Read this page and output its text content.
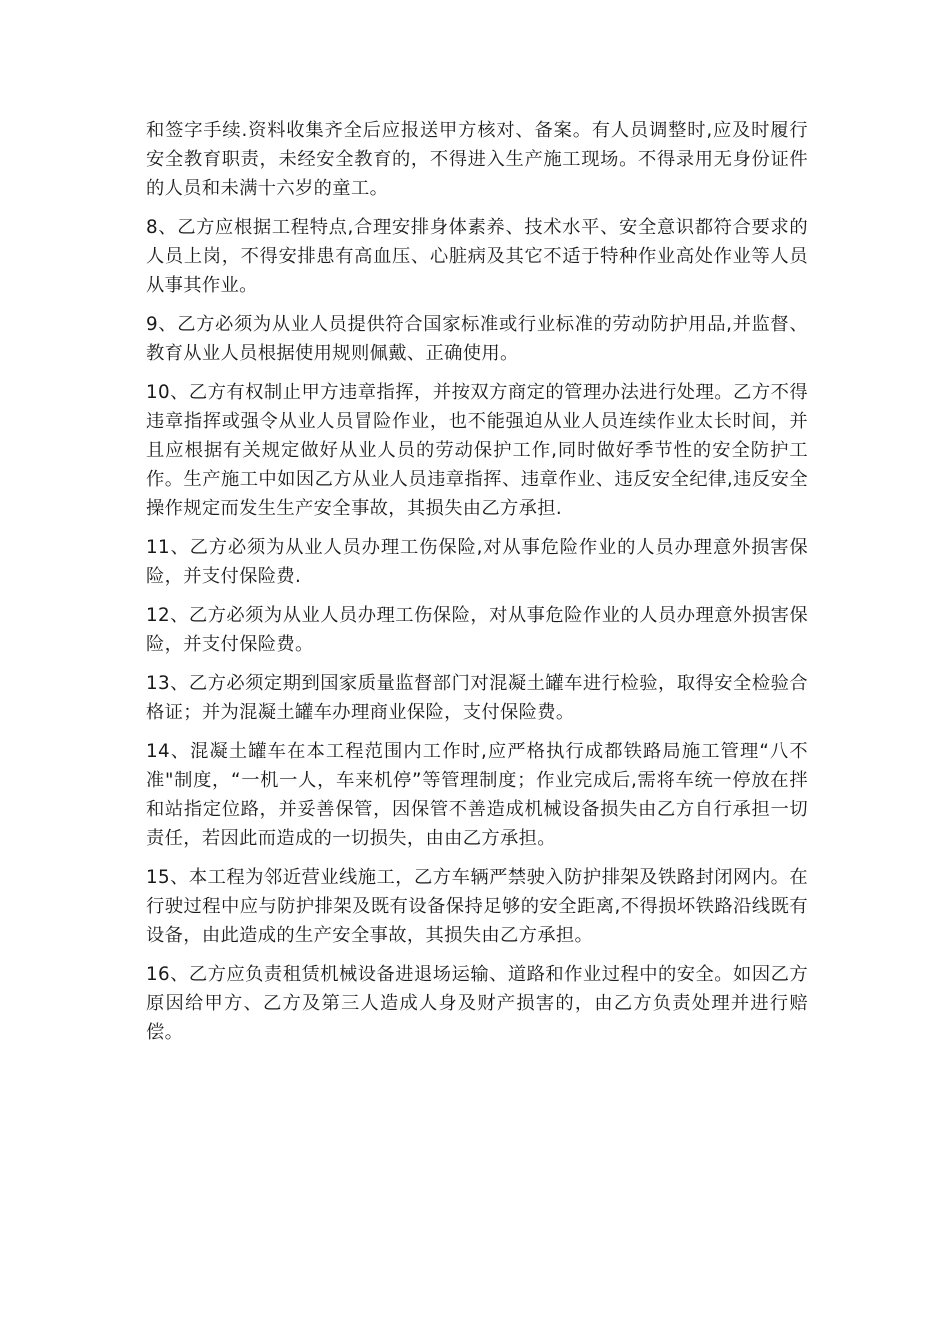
和签字手续.资料收集齐全后应报送甲方核对、备案。有人员调整时,应及时履行安全教育职责，未经安全教育的，不得进入生产施工现场。不得录用无身份证件的人员和未满十六岁的童工。

8、乙方应根据工程特点,合理安排身体素养、技术水平、安全意识都符合要求的人员上岗，不得安排患有高血压、心脏病及其它不适于特种作业高处作业等人员从事其作业。

9、乙方必须为从业人员提供符合国家标准或行业标准的劳动防护用品,并监督、教育从业人员根据使用规则佩戴、正确使用。

10、乙方有权制止甲方违章指挥，并按双方商定的管理办法进行处理。乙方不得违章指挥或强令从业人员冒险作业，也不能强迫从业人员连续作业太长时间，并且应根据有关规定做好从业人员的劳动保护工作,同时做好季节性的安全防护工作。生产施工中如因乙方从业人员违章指挥、违章作业、违反安全纪律,违反安全操作规定而发生生产安全事故，其损失由乙方承担.

11、乙方必须为从业人员办理工伤保险,对从事危险作业的人员办理意外损害保险，并支付保险费.

12、乙方必须为从业人员办理工伤保险，对从事危险作业的人员办理意外损害保险，并支付保险费。

13、乙方必须定期到国家质量监督部门对混凝土罐车进行检验，取得安全检验合格证；并为混凝土罐车办理商业保险，支付保险费。

14、混凝土罐车在本工程范围内工作时,应严格执行成都铁路局施工管理“八不准"制度，“一机一人，车来机停”等管理制度；作业完成后,需将车统一停放在拌和站指定位路，并妥善保管，因保管不善造成机械设备损失由乙方自行承担一切责任，若因此而造成的一切损失，由由乙方承担。

15、本工程为邻近营业线施工，乙方车辆严禁驶入防护排架及铁路封闭网内。在行驶过程中应与防护排架及既有设备保持足够的安全距离,不得损坏铁路沿线既有设备，由此造成的生产安全事故，其损失由乙方承担。

16、乙方应负责租赁机械设备进退场运输、道路和作业过程中的安全。如因乙方原因给甲方、乙方及第三人造成人身及财产损害的，由乙方负责处理并进行赔偿。
